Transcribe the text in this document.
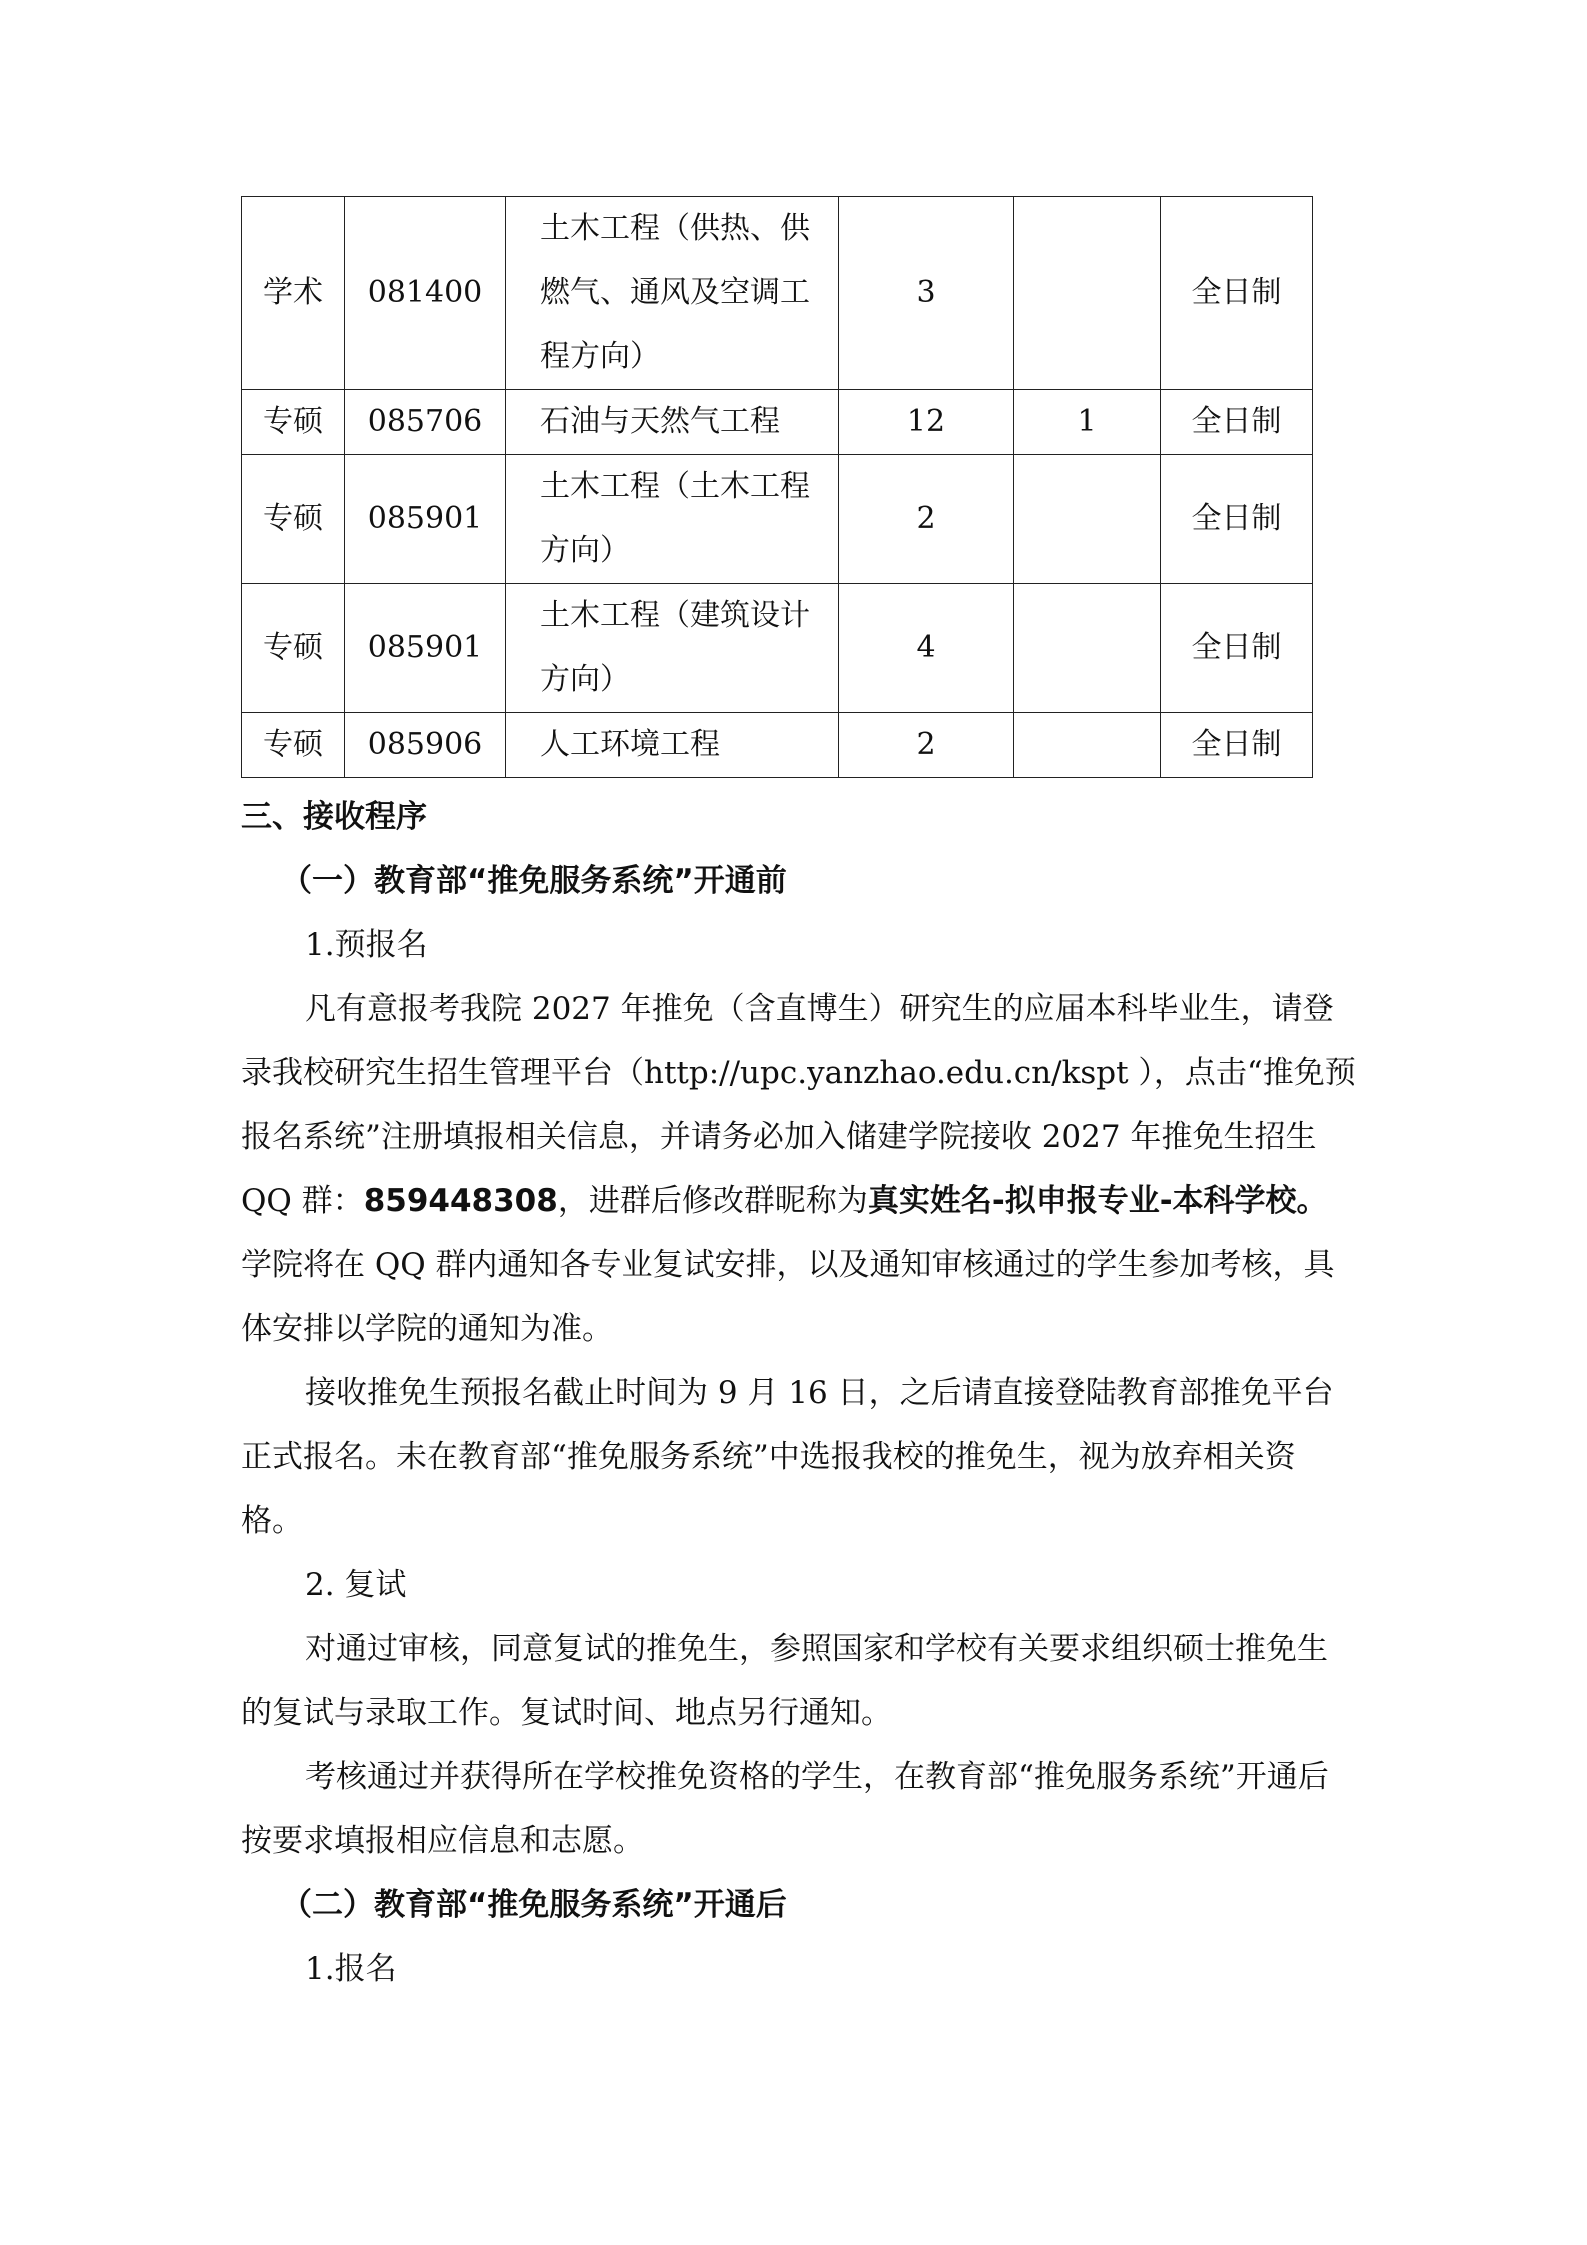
学术	081400	土木工程（供热、供
燃气、通风及空调工
程方向）	3		全日制
专硕	085706	石油与天然气工程	12	1	全日制
专硕	085901	土木工程（土木工程
方向）	2		全日制
专硕	085901	土木工程（建筑设计
方向）	4		全日制
专硕	085906	人工环境工程	2		全日制

三、接收程序

（一）教育部“推免服务系统”开通前

1.预报名

凡有意报考我院 2027 年推免（含直博生）研究生的应届本科毕业生，请登录我校研究生招生管理平台（http://upc.yanzhao.edu.cn/kspt ），点击“推免预报名系统”注册填报相关信息，并请务必加入储建学院接收 2027 年推免生招生 QQ 群：859448308，进群后修改群昵称为真实姓名-拟申报专业-本科学校。学院将在 QQ 群内通知各专业复试安排，以及通知审核通过的学生参加考核，具体安排以学院的通知为准。

接收推免生预报名截止时间为 9 月 16 日，之后请直接登陆教育部推免平台正式报名。未在教育部“推免服务系统”中选报我校的推免生，视为放弃相关资格。

2. 复试

对通过审核，同意复试的推免生，参照国家和学校有关要求组织硕士推免生的复试与录取工作。复试时间、地点另行通知。

考核通过并获得所在学校推免资格的学生，在教育部“推免服务系统”开通后按要求填报相应信息和志愿。

（二）教育部“推免服务系统”开通后

1.报名
